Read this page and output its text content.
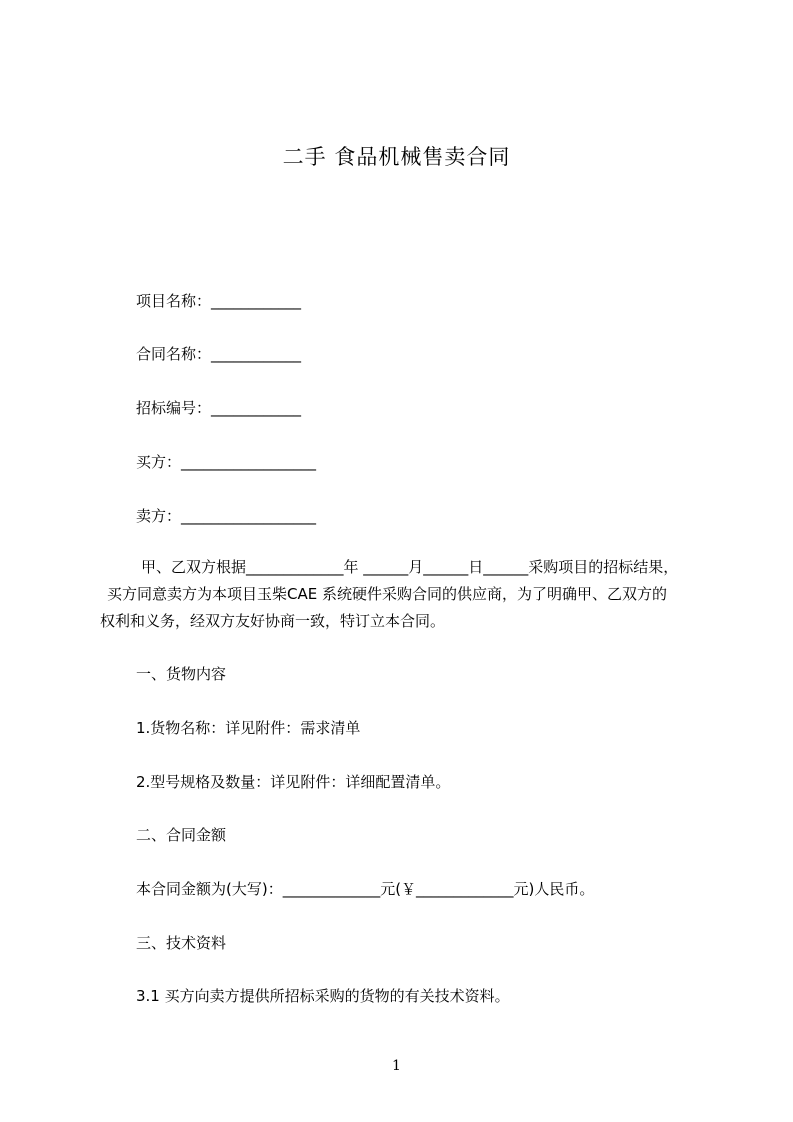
二手 食品机械售卖合同
项目名称：____________
合同名称：____________
招标编号：____________
买方：__________________
卖方：__________________
甲、乙双方根据_____________年 ______月______日______采购项目的招标结果，
买方同意卖方为本项目玉柴CAE 系统硬件采购合同的供应商，为了明确甲、乙双方的
权利和义务，经双方友好协商一致，特订立本合同。
一、货物内容
1.货物名称：详见附件：需求清单
2.型号规格及数量：详见附件：详细配置清单。
二、合同金额
本合同金额为(大写)：_____________元(￥_____________元)人民币。
三、技术资料
3.1 买方向卖方提供所招标采购的货物的有关技术资料。
1
